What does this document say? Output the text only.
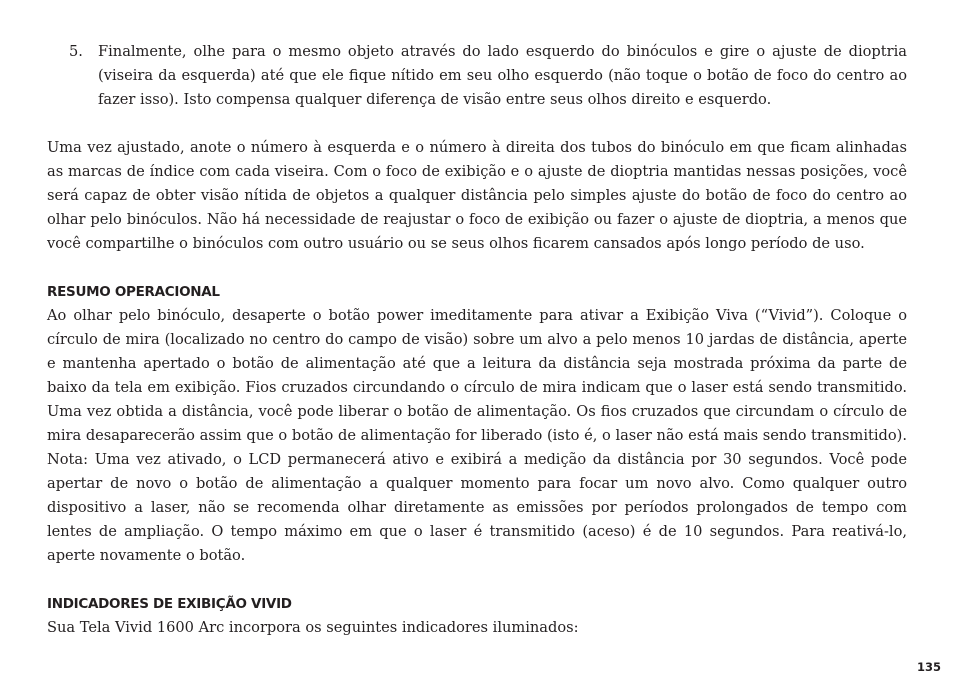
5. Finalmente, olhe para o mesmo objeto através do lado esquerdo do binóculos e gire o ajuste de dioptria (viseira da esquerda) até que ele fique nítido em seu olho esquerdo (não toque o botão de foco do centro ao fazer isso). Isto compensa qualquer diferença de visão entre seus olhos direito e esquerdo.

Uma vez ajustado, anote o número à esquerda e o número à direita dos tubos do binóculo em que ficam alinhadas as marcas de índice com cada viseira. Com o foco de exibição e o ajuste de dioptria mantidas nessas posições, você será capaz de obter visão nítida de objetos a qualquer distância pelo simples ajuste do botão de foco do centro ao olhar pelo binóculos. Não há necessidade de reajustar o foco de exibição ou fazer o ajuste de dioptria, a menos que você compartilhe o binóculos com outro usuário ou se seus olhos ficarem cansados após longo período de uso.

RESUMO OPERACIONAL

Ao olhar pelo binóculo, desaperte o botão power imeditamente para ativar a Exibição Viva (“Vivid”). Coloque o círculo de mira (localizado no centro do campo de visão) sobre um alvo a pelo menos 10 jardas de distância, aperte e mantenha apertado o botão de alimentação até que a leitura da distância seja mostrada próxima da parte de baixo da tela em exibição. Fios cruzados circundando o círculo de mira indicam que o laser está sendo transmitido. Uma vez obtida a distância, você pode liberar o botão de alimentação. Os fios cruzados que circundam o círculo de mira desaparecerão assim que o botão de alimentação for liberado (isto é, o laser não está mais sendo transmitido). Nota: Uma vez ativado, o LCD permanecerá ativo e exibirá a medição da distância por 30 segundos. Você pode apertar de novo o botão de alimentação a qualquer momento para focar um novo alvo. Como qualquer outro dispositivo a laser, não se recomenda olhar diretamente as emissões por períodos prolongados de tempo com lentes de ampliação. O tempo máximo em que o laser é transmitido (aceso) é de 10 segundos. Para reativá-lo, aperte novamente o botão.

INDICADORES DE EXIBIÇÃO VIVID

Sua Tela Vivid 1600 Arc incorpora os seguintes indicadores iluminados:

135
